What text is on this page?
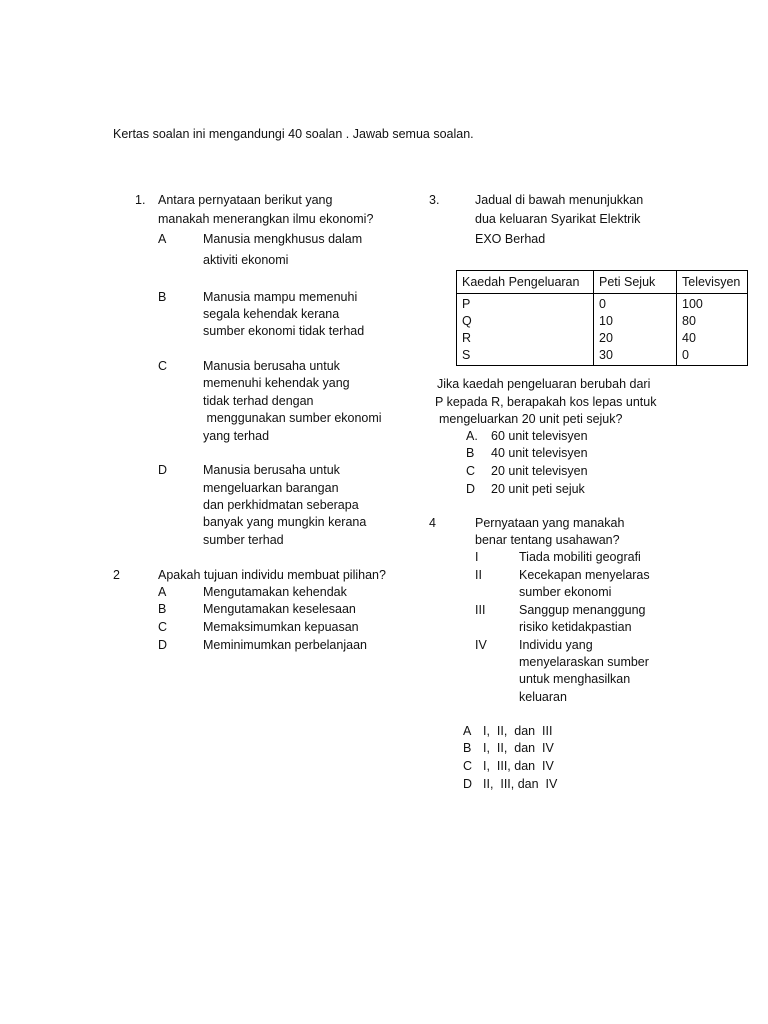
Kertas soalan ini mengandungi 40 soalan . Jawab semua soalan.
1. Antara pernyataan berikut yang
manakah menerangkan ilmu ekonomi?
A	Manusia mengkhusus dalam
aktiviti ekonomi
B	Manusia mampu memenuhi
segala kehendak kerana
sumber ekonomi tidak terhad
C	Manusia berusaha untuk
memenuhi kehendak yang
tidak terhad dengan
menggunakan sumber ekonomi
yang terhad
D	Manusia berusaha untuk
mengeluarkan barangan
dan perkhidmatan seberapa
banyak yang mungkin kerana
sumber terhad
2	Apakah tujuan individu membuat pilihan?
A	Mengutamakan kehendak
B	Mengutamakan keselesaan
C	Memaksimumkan kepuasan
D	Meminimumkan perbelanjaan
3.	Jadual di bawah menunjukkan
dua keluaran Syarikat Elektrik
EXO Berhad
Kaedah Pengeluaran	Peti Sejuk	Televisyen
P	0	100
Q	10	80
R	20	40
S	30	0
Jika kaedah pengeluaran berubah dari
P kepada R, berapakah kos lepas untuk
mengeluarkan 20 unit peti sejuk?
A. 60 unit televisyen
B 40 unit televisyen
C 20 unit televisyen
D 20 unit peti sejuk
4	Pernyataan yang manakah
benar tentang usahawan?
I	Tiada mobiliti geografi
II	Kecekapan menyelaras
sumber ekonomi
III	Sanggup menanggung
risiko ketidakpastian
IV	Individu yang
menyelaraskan sumber
untuk menghasilkan
keluaran
A I,  II,  dan  III
B I,  II,  dan  IV
C I,  III, dan  IV
D II,  III, dan  IV
